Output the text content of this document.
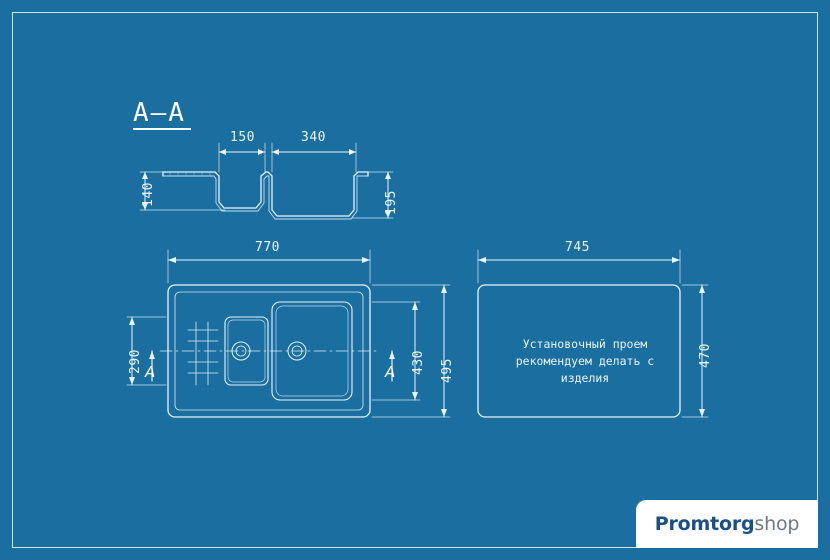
A–A
150	340
140	195
770
495
430
290 A	A
745
470
Установочный проем
рекомендуем делать с изделия
Promtorgshop
